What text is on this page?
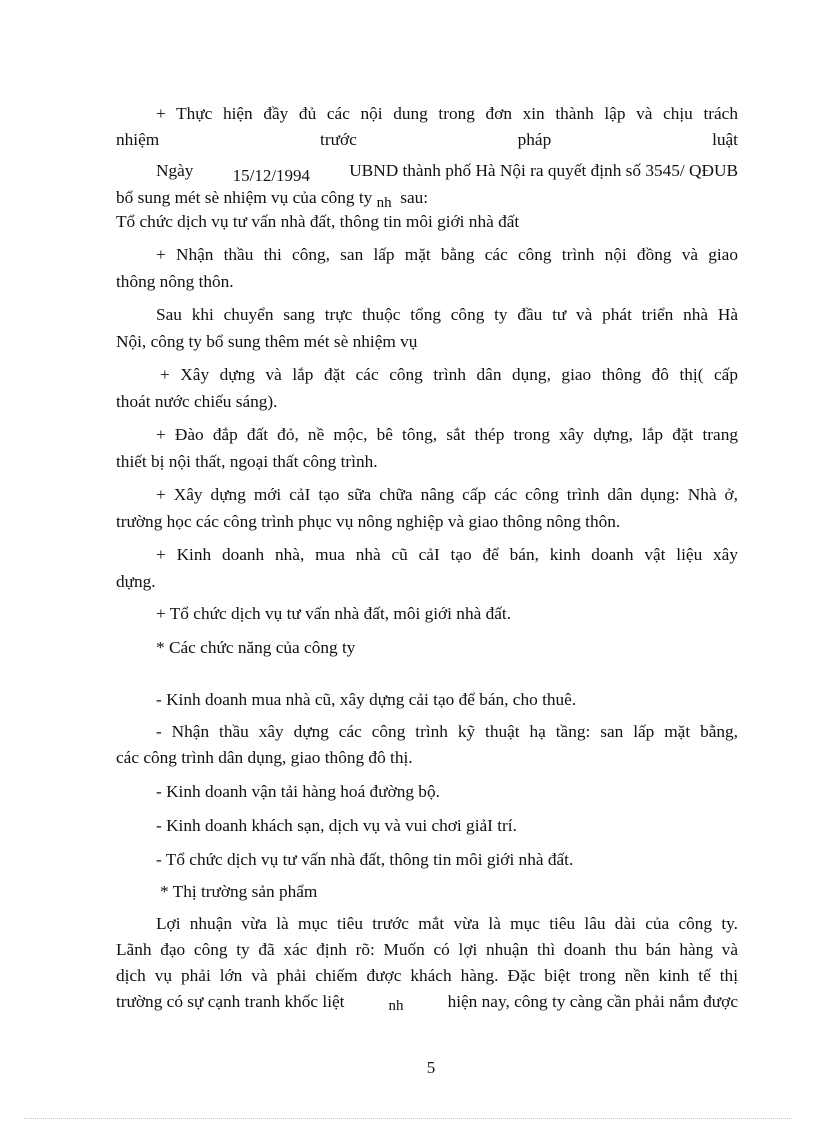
+ Thực hiện đầy đủ các nội dung trong đơn xin thành lập và chịu trách

nhiệm	trước	pháp	luật

Ngày 15/12/1994 UBND thành phố Hà Nội ra quyết định số 3545/ QĐUB

bổ sung mét sè nhiệm vụ của công ty nh sau:

Tổ chức dịch vụ tư vấn nhà đất, thông tin môi giới nhà đất

+ Nhận thầu thi công, san lấp mặt bằng các công trình nội đồng và giao

thông nông thôn.

Sau khi chuyển sang trực thuộc tổng công ty đầu tư và phát triển nhà Hà

Nội, công ty bổ sung thêm mét sè nhiệm vụ

+ Xây dựng và lắp đặt các công trình dân dụng, giao thông đô thị( cấp

thoát nước chiếu sáng).

+ Đào đắp đất đỏ, nề mộc, bê tông, sắt thép trong xây dựng, lắp đặt trang

thiết bị nội thất, ngoại thất công trình.

+ Xây dựng mới cảI tạo sữa chữa nâng cấp các công trình dân dụng: Nhà ở,

trường học các công trình phục vụ nông nghiệp và giao thông nông thôn.

+ Kinh doanh nhà, mua nhà cũ cảI tạo để bán, kinh doanh vật liệu xây

dựng.

+ Tổ chức dịch vụ tư vấn nhà đất, môi giới nhà đất.

* Các chức năng của công ty

- Kinh doanh mua nhà cũ, xây dựng cải tạo để bán, cho thuê.

- Nhận thầu xây dựng các công trình kỹ thuật hạ tầng: san lấp mặt bằng,

các công trình dân dụng, giao thông đô thị.

- Kinh doanh vận tải hàng hoá đường bộ.

- Kinh doanh khách sạn, dịch vụ và vui chơi giảI trí.

- Tổ chức dịch vụ tư vấn nhà đất, thông tin môi giới nhà đất.

* Thị trường sản phẩm

Lợi nhuận vừa là mục tiêu trước mắt vừa là mục tiêu lâu dài của công ty.

Lãnh đạo công ty đã xác định rõ: Muốn có lợi nhuận thì doanh thu bán hàng và

dịch vụ phải lớn và phải chiếm được khách hàng. Đặc biệt trong nền kinh tế thị

trường có sự cạnh tranh khốc liệt	nh	hiện nay, công ty càng cần phải nắm được

5
